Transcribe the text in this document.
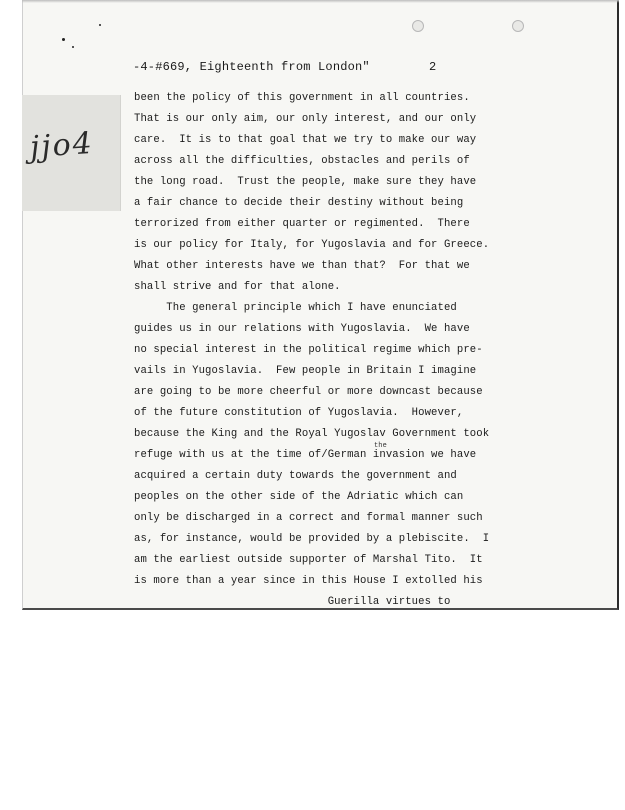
-4-#669, Eighteenth from London"        2
jjo4
been the policy of this government in all countries.
That is our only aim, our only interest, and our only
care.  It is to that goal that we try to make our way
across all the difficulties, obstacles and perils of
the long road.  Trust the people, make sure they have
a fair chance to decide their destiny without being
terrorized from either quarter or regimented.  There
is our policy for Italy, for Yugoslavia and for Greece.
What other interests have we than that?  For that we
shall strive and for that alone.
The general principle which I have enunciated
guides us in our relations with Yugoslavia.  We have
no special interest in the political regime which pre-
vails in Yugoslavia.  Few people in Britain I imagine
are going to be more cheerful or more downcast because
of the future constitution of Yugoslavia.  However,
because the King and the Royal Yugoslav Government took
refuge with us at the time of/German invasion we have
acquired a certain duty towards the government and
peoples on the other side of the Adriatic which can
only be discharged in a correct and formal manner such
as, for instance, would be provided by a plebiscite.  I
am the earliest outside supporter of Marshal Tito.  It
is more than a year since in this House I extolled his
Guerilla virtues to
the
